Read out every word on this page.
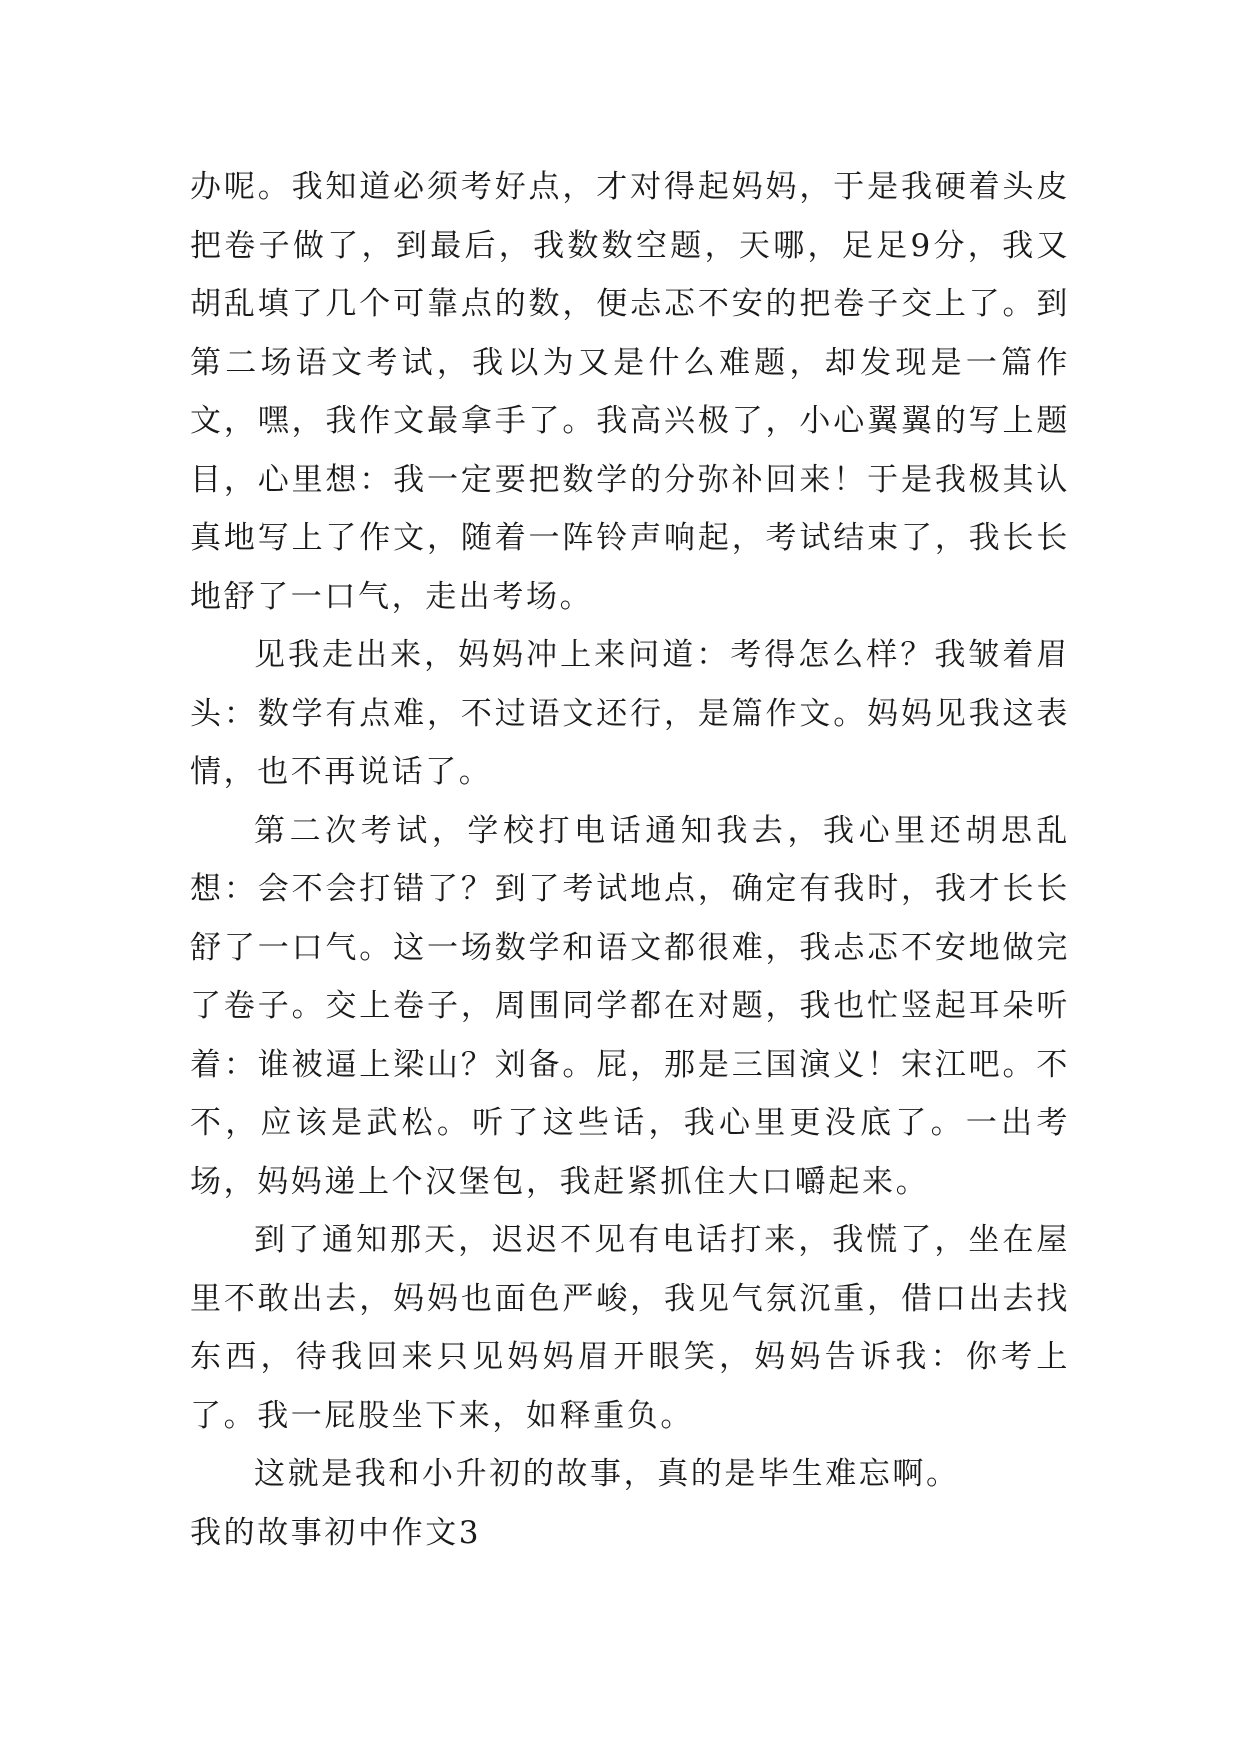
办呢。我知道必须考好点，才对得起妈妈，于是我硬着头皮把卷子做了，到最后，我数数空题，天哪，足足9分，我又胡乱填了几个可靠点的数，便忐忑不安的把卷子交上了。到第二场语文考试，我以为又是什么难题，却发现是一篇作文，嘿，我作文最拿手了。我高兴极了，小心翼翼的写上题目，心里想：我一定要把数学的分弥补回来！于是我极其认真地写上了作文，随着一阵铃声响起，考试结束了，我长长地舒了一口气，走出考场。

见我走出来，妈妈冲上来问道：考得怎么样？我皱着眉头：数学有点难，不过语文还行，是篇作文。妈妈见我这表情，也不再说话了。

第二次考试，学校打电话通知我去，我心里还胡思乱想：会不会打错了？到了考试地点，确定有我时，我才长长舒了一口气。这一场数学和语文都很难，我忐忑不安地做完了卷子。交上卷子，周围同学都在对题，我也忙竖起耳朵听着：谁被逼上梁山？刘备。屁，那是三国演义！宋江吧。不不，应该是武松。听了这些话，我心里更没底了。一出考场，妈妈递上个汉堡包，我赶紧抓住大口嚼起来。

到了通知那天，迟迟不见有电话打来，我慌了，坐在屋里不敢出去，妈妈也面色严峻，我见气氛沉重，借口出去找东西，待我回来只见妈妈眉开眼笑，妈妈告诉我：你考上了。我一屁股坐下来，如释重负。

这就是我和小升初的故事，真的是毕生难忘啊。

我的故事初中作文3
